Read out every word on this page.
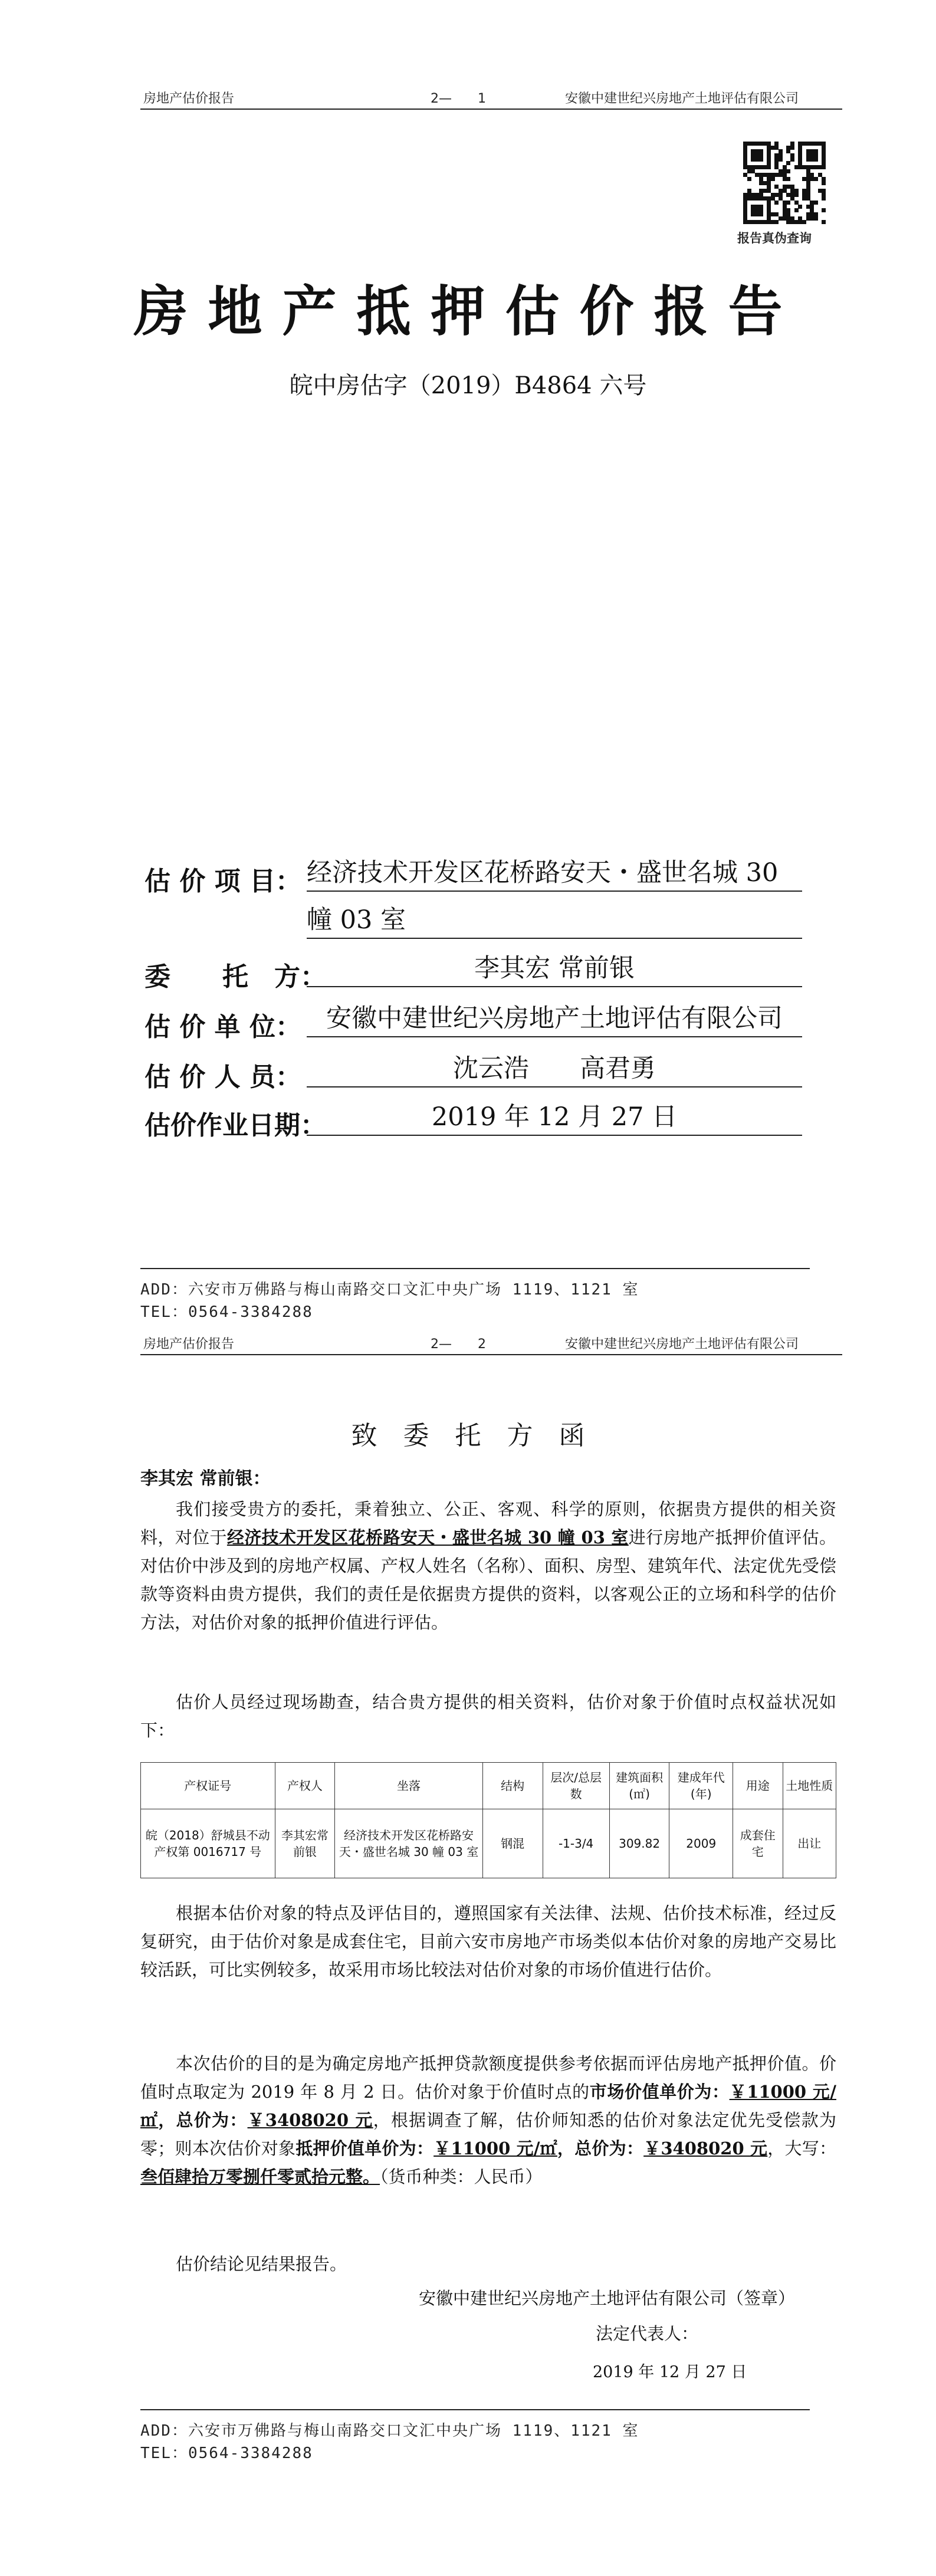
房地产估价报告	2—　　1	安徽中建世纪兴房地产土地评估有限公司
报告真伪查询
房地产抵押估价报告
皖中房估字（2019）B4864 六号
估 价 项 目： 经济技术开发区花桥路安天・盛世名城 30
幢 03 室
委　　托　方：	李其宏 常前银
估 价 单 位： 安徽中建世纪兴房地产土地评估有限公司
估 价 人 员：	沈云浩　　高君勇
估价作业日期：	2019 年 12 月 27 日
ADD：六安市万佛路与梅山南路交口文汇中央广场 1119、1121 室
TEL：0564-3384288
房地产估价报告	2—　　2	安徽中建世纪兴房地产土地评估有限公司
致　委　托　方　函
李其宏 常前银：
我们接受贵方的委托，秉着独立、公正、客观、科学的原则，依据贵方提供的相关资料，对位于经济技术开发区花桥路安天・盛世名城 30 幢 03 室进行房地产抵押价值评估。对估价中涉及到的房地产权属、产权人姓名（名称）、面积、房型、建筑年代、法定优先受偿款等资料由贵方提供，我们的责任是依据贵方提供的资料，以客观公正的立场和科学的估价方法，对估价对象的抵押价值进行评估。
估价人员经过现场勘查，结合贵方提供的相关资料，估价对象于价值时点权益状况如下：
产权证号	产权人	坐落	结构	层次/总层数	建筑面积(㎡)	建成年代(年)	用途	土地性质
皖（2018）舒城县不动产权第 0016717 号	李其宏常前银	经济技术开发区花桥路安天・盛世名城 30 幢 03 室	钢混	-1-3/4	309.82	2009	成套住宅	出让
根据本估价对象的特点及评估目的，遵照国家有关法律、法规、估价技术标准，经过反复研究，由于估价对象是成套住宅，目前六安市房地产市场类似本估价对象的房地产交易比较活跃，可比实例较多，故采用市场比较法对估价对象的市场价值进行估价。
本次估价的目的是为确定房地产抵押贷款额度提供参考依据而评估房地产抵押价值。价值时点取定为 2019 年 8 月 2 日。估价对象于价值时点的市场价值单价为：￥11000 元/㎡，总价为：￥3408020 元，根据调查了解，估价师知悉的估价对象法定优先受偿款为零；则本次估价对象抵押价值单价为：￥11000 元/㎡，总价为：￥3408020 元，大写：叁佰肆拾万零捌仟零贰拾元整。（货币种类：人民币）
估价结论见结果报告。
安徽中建世纪兴房地产土地评估有限公司（签章）
法定代表人：
2019 年 12 月 27 日
ADD：六安市万佛路与梅山南路交口文汇中央广场 1119、1121 室
TEL：0564-3384288
